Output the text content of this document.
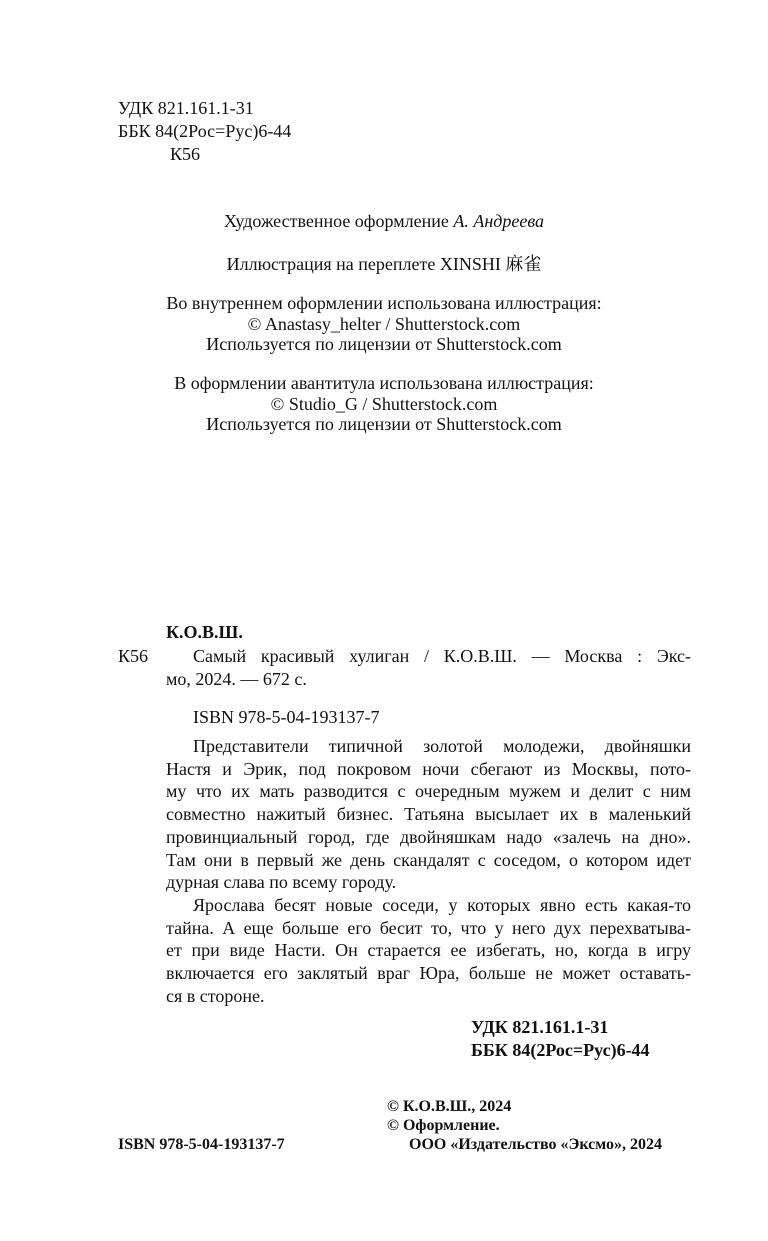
УДК 821.161.1-31
ББК 84(2Рос=Рус)6-44
К56
Художественное оформление А. Андреева
Иллюстрация на переплете XINSHI 麻雀
Во внутреннем оформлении использована иллюстрация:
© Anastasy_helter / Shutterstock.com
Используется по лицензии от Shutterstock.com
В оформлении авантитула использована иллюстрация:
© Studio_G / Shutterstock.com
Используется по лицензии от Shutterstock.com
К.О.В.Ш.
К56 Самый красивый хулиган / К.О.В.Ш. — Москва : Экс-
мо, 2024. — 672 с.
ISBN 978-5-04-193137-7
Представители типичной золотой молодежи, двойняшки
Настя и Эрик, под покровом ночи сбегают из Москвы, пото-
му что их мать разводится с очередным мужем и делит с ним
совместно нажитый бизнес. Татьяна высылает их в маленький
провинциальный город, где двойняшкам надо «залечь на дно».
Там они в первый же день скандалят с соседом, о котором идет
дурная слава по всему городу.
Ярослава бесят новые соседи, у которых явно есть какая-то
тайна. А еще больше его бесит то, что у него дух перехватыва-
ет при виде Насти. Он старается ее избегать, но, когда в игру
включается его заклятый враг Юра, больше не может оставать-
ся в стороне.
УДК 821.161.1-31
ББК 84(2Рос=Рус)6-44
© К.О.В.Ш., 2024
© Оформление.
ООО «Издательство «Эксмо», 2024
ISBN 978-5-04-193137-7
